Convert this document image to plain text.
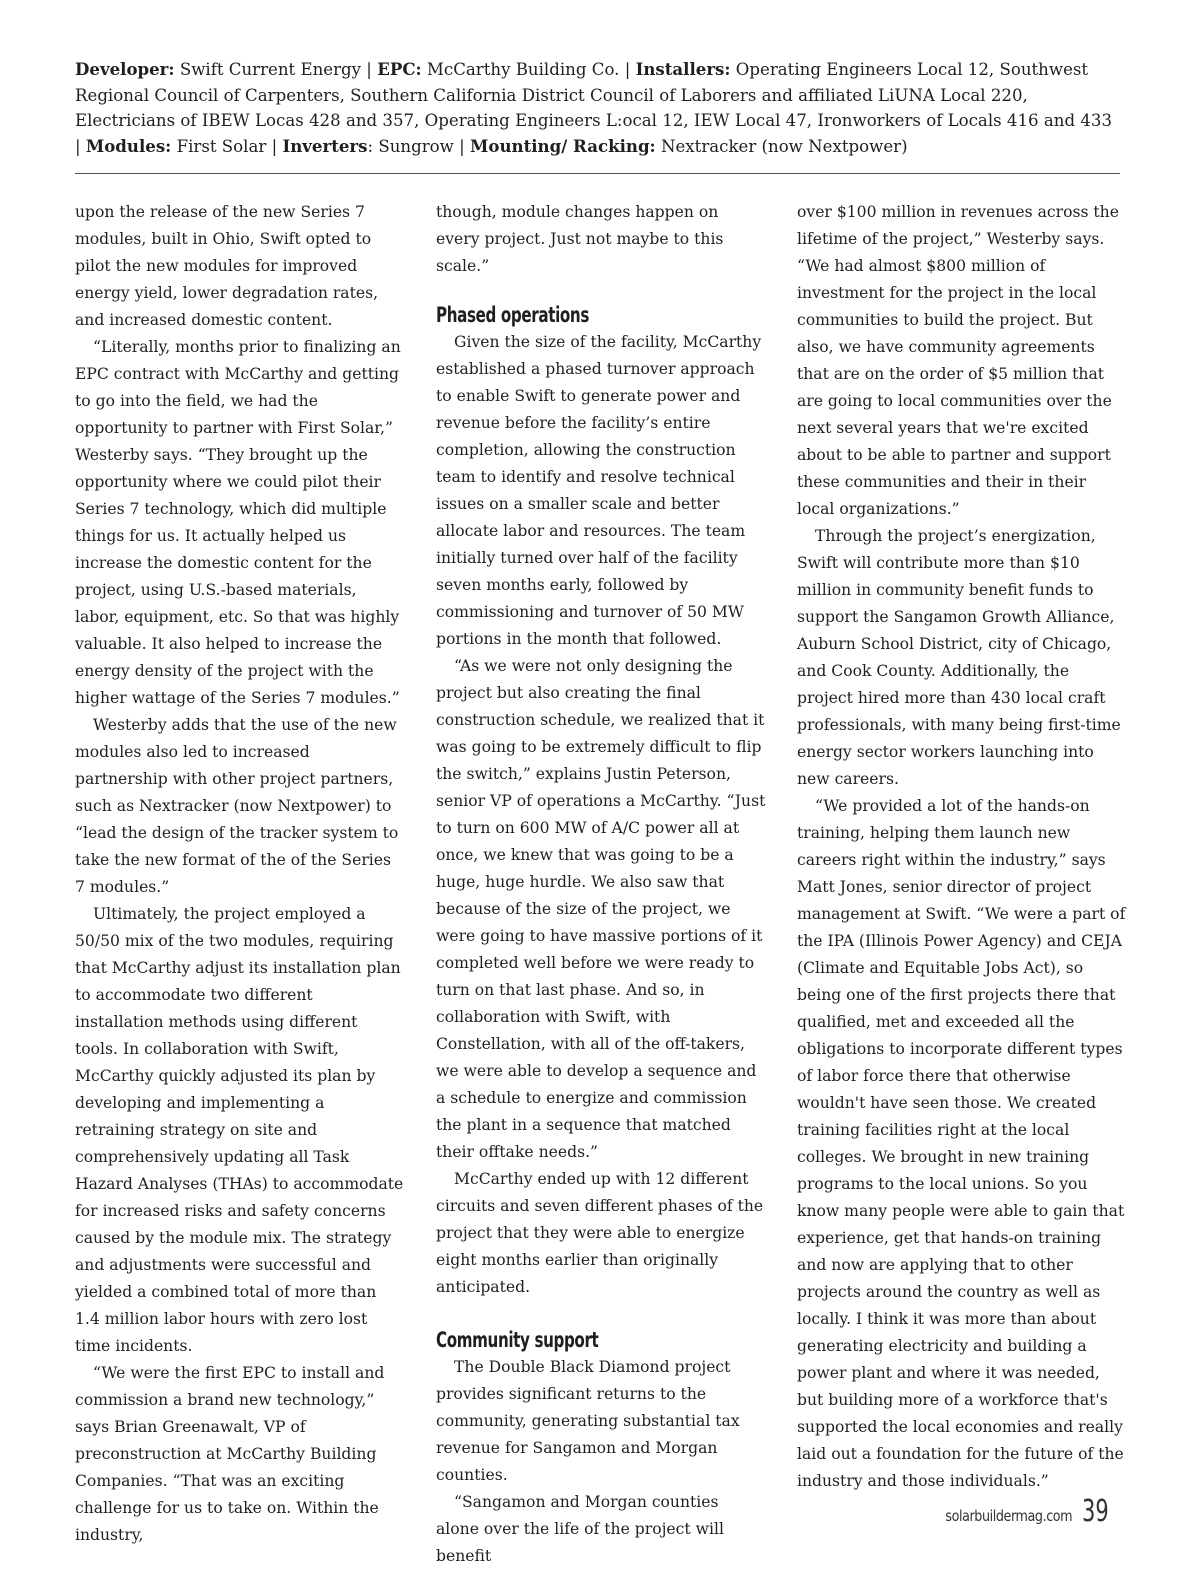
Developer: Swift Current Energy | EPC: McCarthy Building Co. | Installers: Operating Engineers Local 12, Southwest Regional Council of Carpenters, Southern California District Council of Laborers and affiliated LiUNA Local 220, Electricians of IBEW Locas 428 and 357, Operating Engineers L:ocal 12, IEW Local 47, Ironworkers of Locals 416 and 433 | Modules: First Solar | Inverters: Sungrow | Mounting/ Racking: Nextracker (now Nextpower)

upon the release of the new Series 7 modules, built in Ohio, Swift opted to pilot the new modules for improved energy yield, lower degradation rates, and increased domestic content.

“Literally, months prior to finalizing an EPC contract with McCarthy and getting to go into the field, we had the opportunity to partner with First Solar,” Westerby says. “They brought up the opportunity where we could pilot their Series 7 technology, which did multiple things for us. It actually helped us increase the domestic content for the project, using U.S.-based materials, labor, equipment, etc. So that was highly valuable. It also helped to increase the energy density of the project with the higher wattage of the Series 7 modules.”

Westerby adds that the use of the new modules also led to increased partnership with other project partners, such as Nextracker (now Nextpower) to “lead the design of the tracker system to take the new format of the of the Series 7 modules.”

Ultimately, the project employed a 50/50 mix of the two modules, requiring that McCarthy adjust its installation plan to accommodate two different installation methods using different tools. In collaboration with Swift, McCarthy quickly adjusted its plan by developing and implementing a retraining strategy on site and comprehensively updating all Task Hazard Analyses (THAs) to accommodate for increased risks and safety concerns caused by the module mix. The strategy and adjustments were successful and yielded a combined total of more than 1.4 million labor hours with zero lost time incidents.

“We were the first EPC to install and commission a brand new technology,” says Brian Greenawalt, VP of preconstruction at McCarthy Building Companies. “That was an exciting challenge for us to take on. Within the industry,

though, module changes happen on every project. Just not maybe to this scale.”

Phased operations

Given the size of the facility, McCarthy established a phased turnover approach to enable Swift to generate power and revenue before the facility’s entire completion, allowing the construction team to identify and resolve technical issues on a smaller scale and better allocate labor and resources. The team initially turned over half of the facility seven months early, followed by commissioning and turnover of 50 MW portions in the month that followed.

“As we were not only designing the project but also creating the final construction schedule, we realized that it was going to be extremely difficult to flip the switch,” explains Justin Peterson, senior VP of operations a McCarthy. “Just to turn on 600 MW of A/C power all at once, we knew that was going to be a huge, huge hurdle. We also saw that because of the size of the project, we were going to have massive portions of it completed well before we were ready to turn on that last phase. And so, in collaboration with Swift, with Constellation, with all of the off-takers, we were able to develop a sequence and a schedule to energize and commission the plant in a sequence that matched their offtake needs.”

McCarthy ended up with 12 different circuits and seven different phases of the project that they were able to energize eight months earlier than originally anticipated.

Community support

The Double Black Diamond project provides significant returns to the community, generating substantial tax revenue for Sangamon and Morgan counties.

“Sangamon and Morgan counties alone over the life of the project will benefit

over $100 million in revenues across the lifetime of the project,” Westerby says. “We had almost $800 million of investment for the project in the local communities to build the project. But also, we have community agreements that are on the order of $5 million that are going to local communities over the next several years that we're excited about to be able to partner and support these communities and their in their local organizations.”

Through the project’s energization, Swift will contribute more than $10 million in community benefit funds to support the Sangamon Growth Alliance, Auburn School District, city of Chicago, and Cook County. Additionally, the project hired more than 430 local craft professionals, with many being first-time energy sector workers launching into new careers.

“We provided a lot of the hands-on training, helping them launch new careers right within the industry,” says Matt Jones, senior director of project management at Swift. “We were a part of the IPA (Illinois Power Agency) and CEJA (Climate and Equitable Jobs Act), so being one of the first projects there that qualified, met and exceeded all the obligations to incorporate different types of labor force there that otherwise wouldn't have seen those. We created training facilities right at the local colleges. We brought in new training programs to the local unions. So you know many people were able to gain that experience, get that hands-on training and now are applying that to other projects around the country as well as locally. I think it was more than about generating electricity and building a power plant and where it was needed, but building more of a workforce that's supported the local economies and really laid out a foundation for the future of the industry and those individuals.”

solarbuildermag.com 39
